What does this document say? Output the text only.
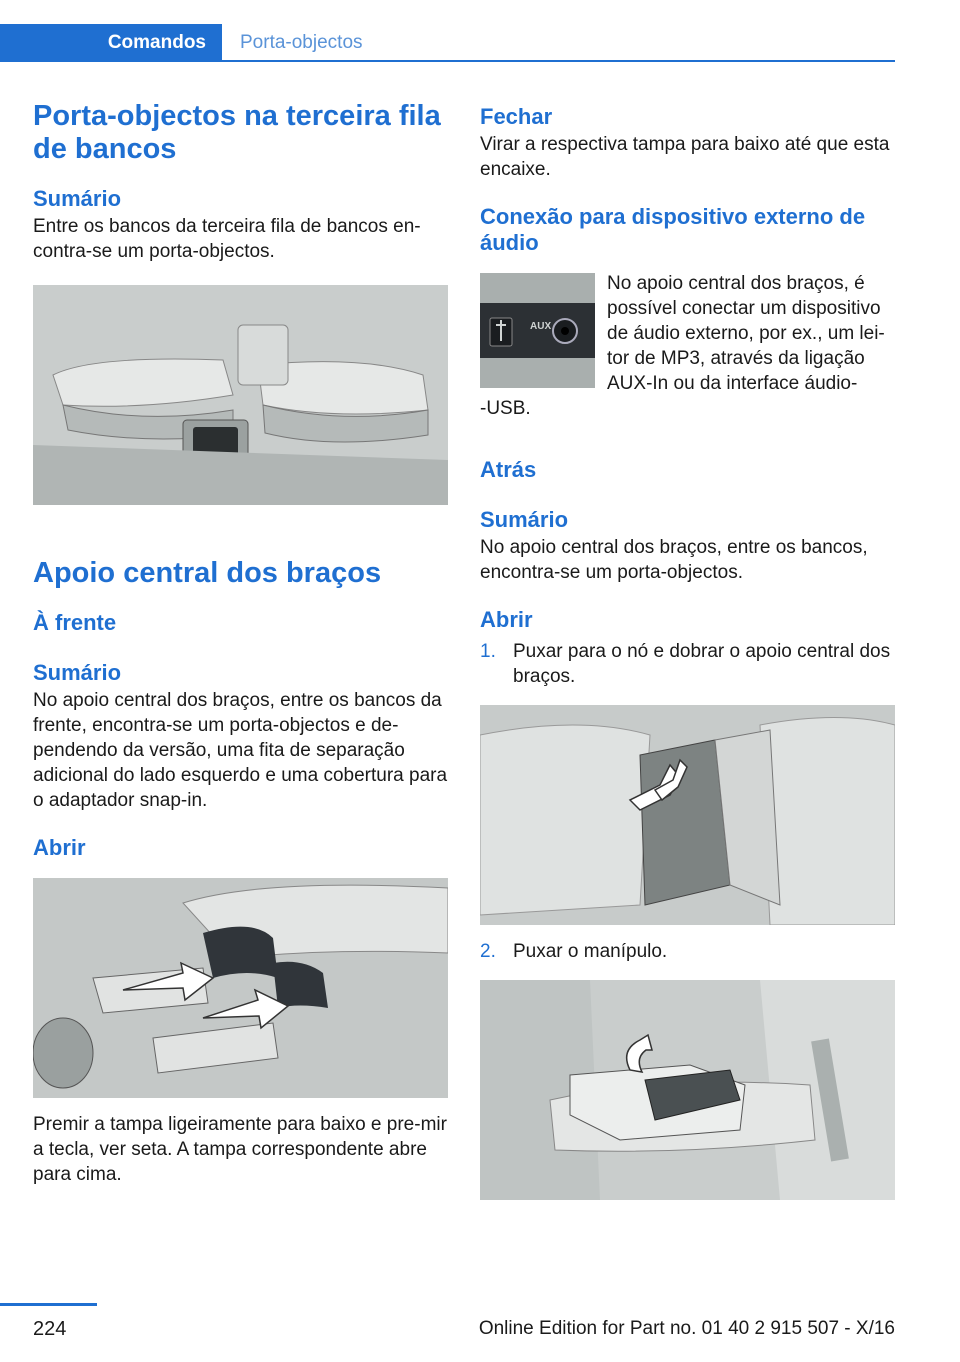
Comandos	Porta-objectos
Porta-objectos na terceira fila de bancos
Sumário

Entre os bancos da terceira fila de bancos en-contra-se um porta-objectos.

Apoio central dos braços
À frente
Sumário

No apoio central dos braços, entre os bancos da frente, encontra-se um porta-objectos e de-pendendo da versão, uma fita de separação adicional do lado esquerdo e uma cobertura para o adaptador snap-in.

Abrir

Premir a tampa ligeiramente para baixo e pre-mir a tecla, ver seta. A tampa correspondente abre para cima.

Fechar

Virar a respectiva tampa para baixo até que esta encaixe.

Conexão para dispositivo externo de áudio
AUX

No apoio central dos braços, é possível conectar um dispositivo de áudio externo, por ex., um lei-tor de MP3, através da ligação AUX-In ou da interface áudio-

-USB.

Atrás
Sumário

No apoio central dos braços, entre os bancos, encontra-se um porta-objectos.

Abrir
1. Puxar para o nó e dobrar o apoio central dos braços.
2. Puxar o manípulo.
224	Online Edition for Part no. 01 40 2 915 507 - X/16
